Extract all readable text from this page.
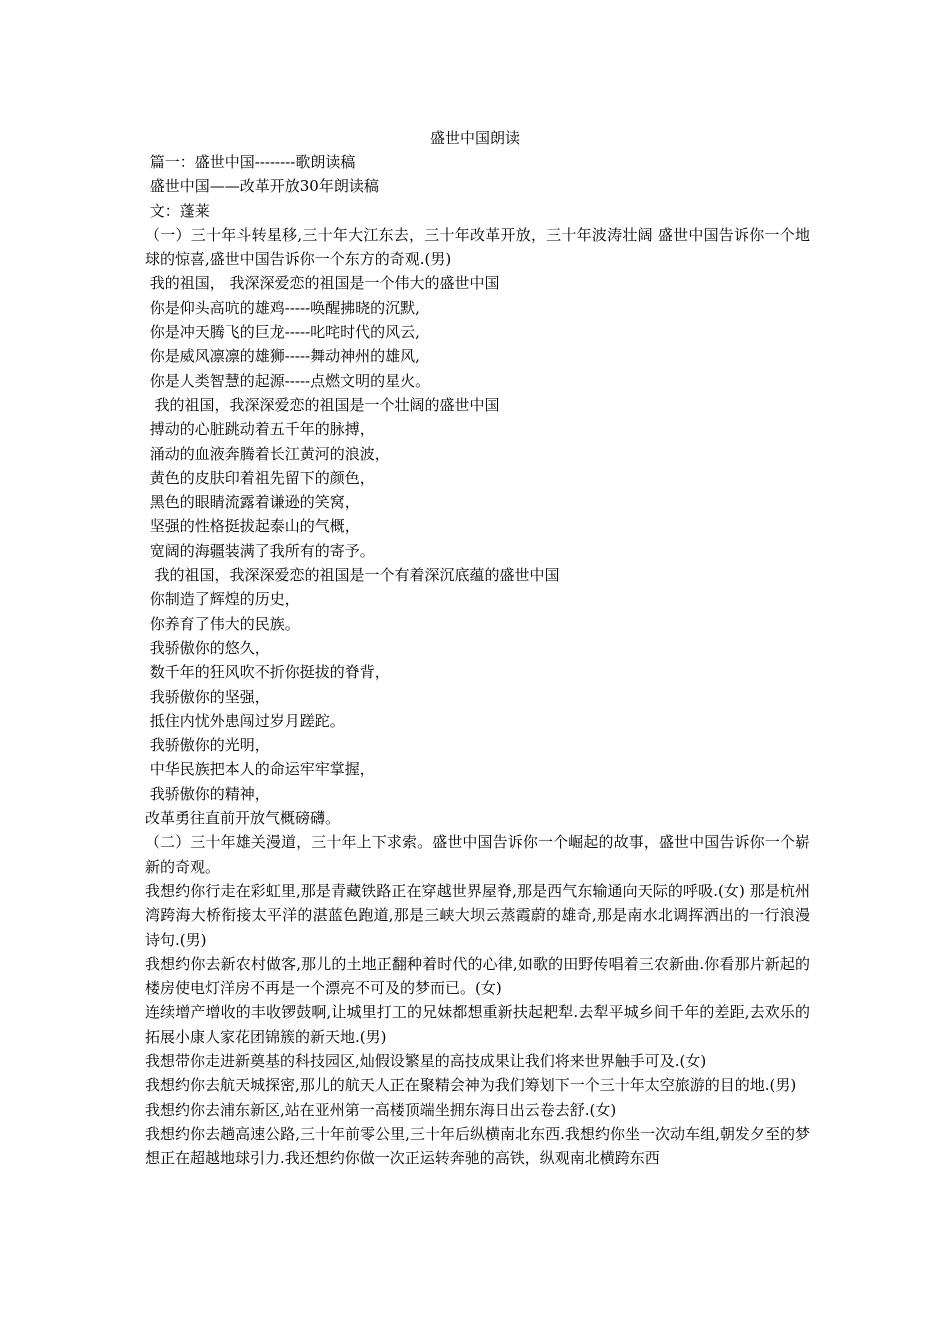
盛世中国朗读

篇一：盛世中国--------歌朗读稿

盛世中国——改革开放30年朗读稿

文：蓬莱

（一）三十年斗转星移,三十年大江东去，三十年改革开放，三十年波涛壮阔 盛世中国告诉你一个地球的惊喜,盛世中国告诉你一个东方的奇观.(男)

我的祖国， 我深深爱恋的祖国是一个伟大的盛世中国

你是仰头高吭的雄鸡-----唤醒拂晓的沉默,

你是冲天腾飞的巨龙-----叱咤时代的风云,

你是威风凛凛的雄狮-----舞动神州的雄风,

你是人类智慧的起源-----点燃文明的星火。

我的祖国，我深深爱恋的祖国是一个壮阔的盛世中国

搏动的心脏跳动着五千年的脉搏，

涌动的血液奔腾着长江黄河的浪波，

黄色的皮肤印着祖先留下的颜色，

黑色的眼睛流露着谦逊的笑窝，

坚强的性格挺拔起泰山的气概，

宽阔的海疆装满了我所有的寄予。

我的祖国，我深深爱恋的祖国是一个有着深沉底蕴的盛世中国

你制造了辉煌的历史，

你养育了伟大的民族。

我骄傲你的悠久，

数千年的狂风吹不折你挺拔的脊背，

我骄傲你的坚强，

抵住内忧外患闯过岁月蹉跎。

我骄傲你的光明，

中华民族把本人的命运牢牢掌握，

我骄傲你的精神，

改革勇往直前开放气概磅礴。

（二）三十年雄关漫道，三十年上下求索。盛世中国告诉你一个崛起的故事，盛世中国告诉你一个崭新的奇观。

我想约你行走在彩虹里,那是青藏铁路正在穿越世界屋脊,那是西气东输通向天际的呼吸.(女) 那是杭州湾跨海大桥衔接太平洋的湛蓝色跑道,那是三峡大坝云蒸霞蔚的雄奇,那是南水北调挥洒出的一行浪漫诗句.(男)

我想约你去新农村做客,那儿的土地正翻种着时代的心律,如歌的田野传唱着三农新曲.你看那片新起的楼房使电灯洋房不再是一个漂亮不可及的梦而已。(女)

连续增产增收的丰收锣鼓啊,让城里打工的兄妹都想重新扶起耙犁.去犁平城乡间千年的差距,去欢乐的拓展小康人家花团锦簇的新天地.(男)

我想带你走进新奠基的科技园区,灿假设繁星的高技成果让我们将来世界触手可及.(女)

我想约你去航天城探密,那儿的航天人正在聚精会神为我们筹划下一个三十年太空旅游的目的地.(男)

我想约你去浦东新区,站在亚州第一高楼顶端坐拥东海日出云卷去舒.(女)

我想约你去趟高速公路,三十年前零公里,三十年后纵横南北东西.我想约你坐一次动车组,朝发夕至的梦想正在超越地球引力.我还想约你做一次正运转奔驰的高铁，纵观南北横跨东西
